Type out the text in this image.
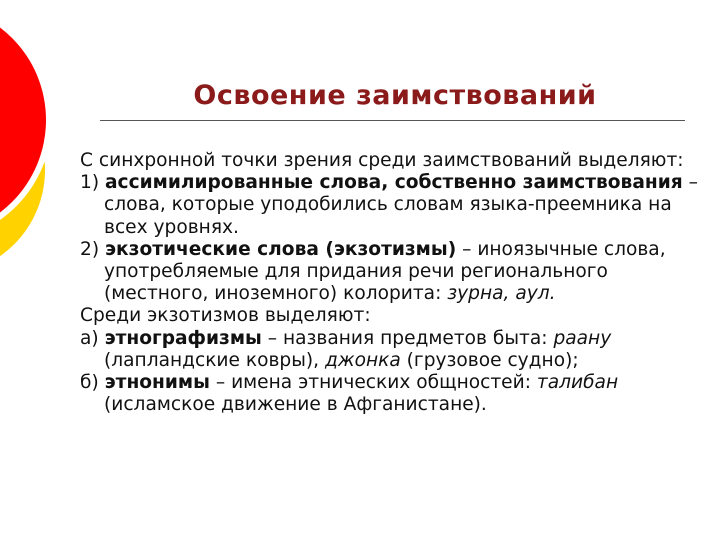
Освоение заимствований

С синхронной точки зрения среди заимствований выделяют:

1) ассимилированные слова, собственно заимствования – слова, которые уподобились словам языка-преемника на всех уровнях.

2) экзотические слова (экзотизмы) – иноязычные слова, употребляемые для придания речи регионального (местного, иноземного) колорита: зурна, аул.

Среди экзотизмов выделяют:

а) этнографизмы – названия предметов быта: раану (лапландские ковры), джонка (грузовое судно);

б) этнонимы – имена этнических общностей: талибан (исламское движение в Афганистане).
